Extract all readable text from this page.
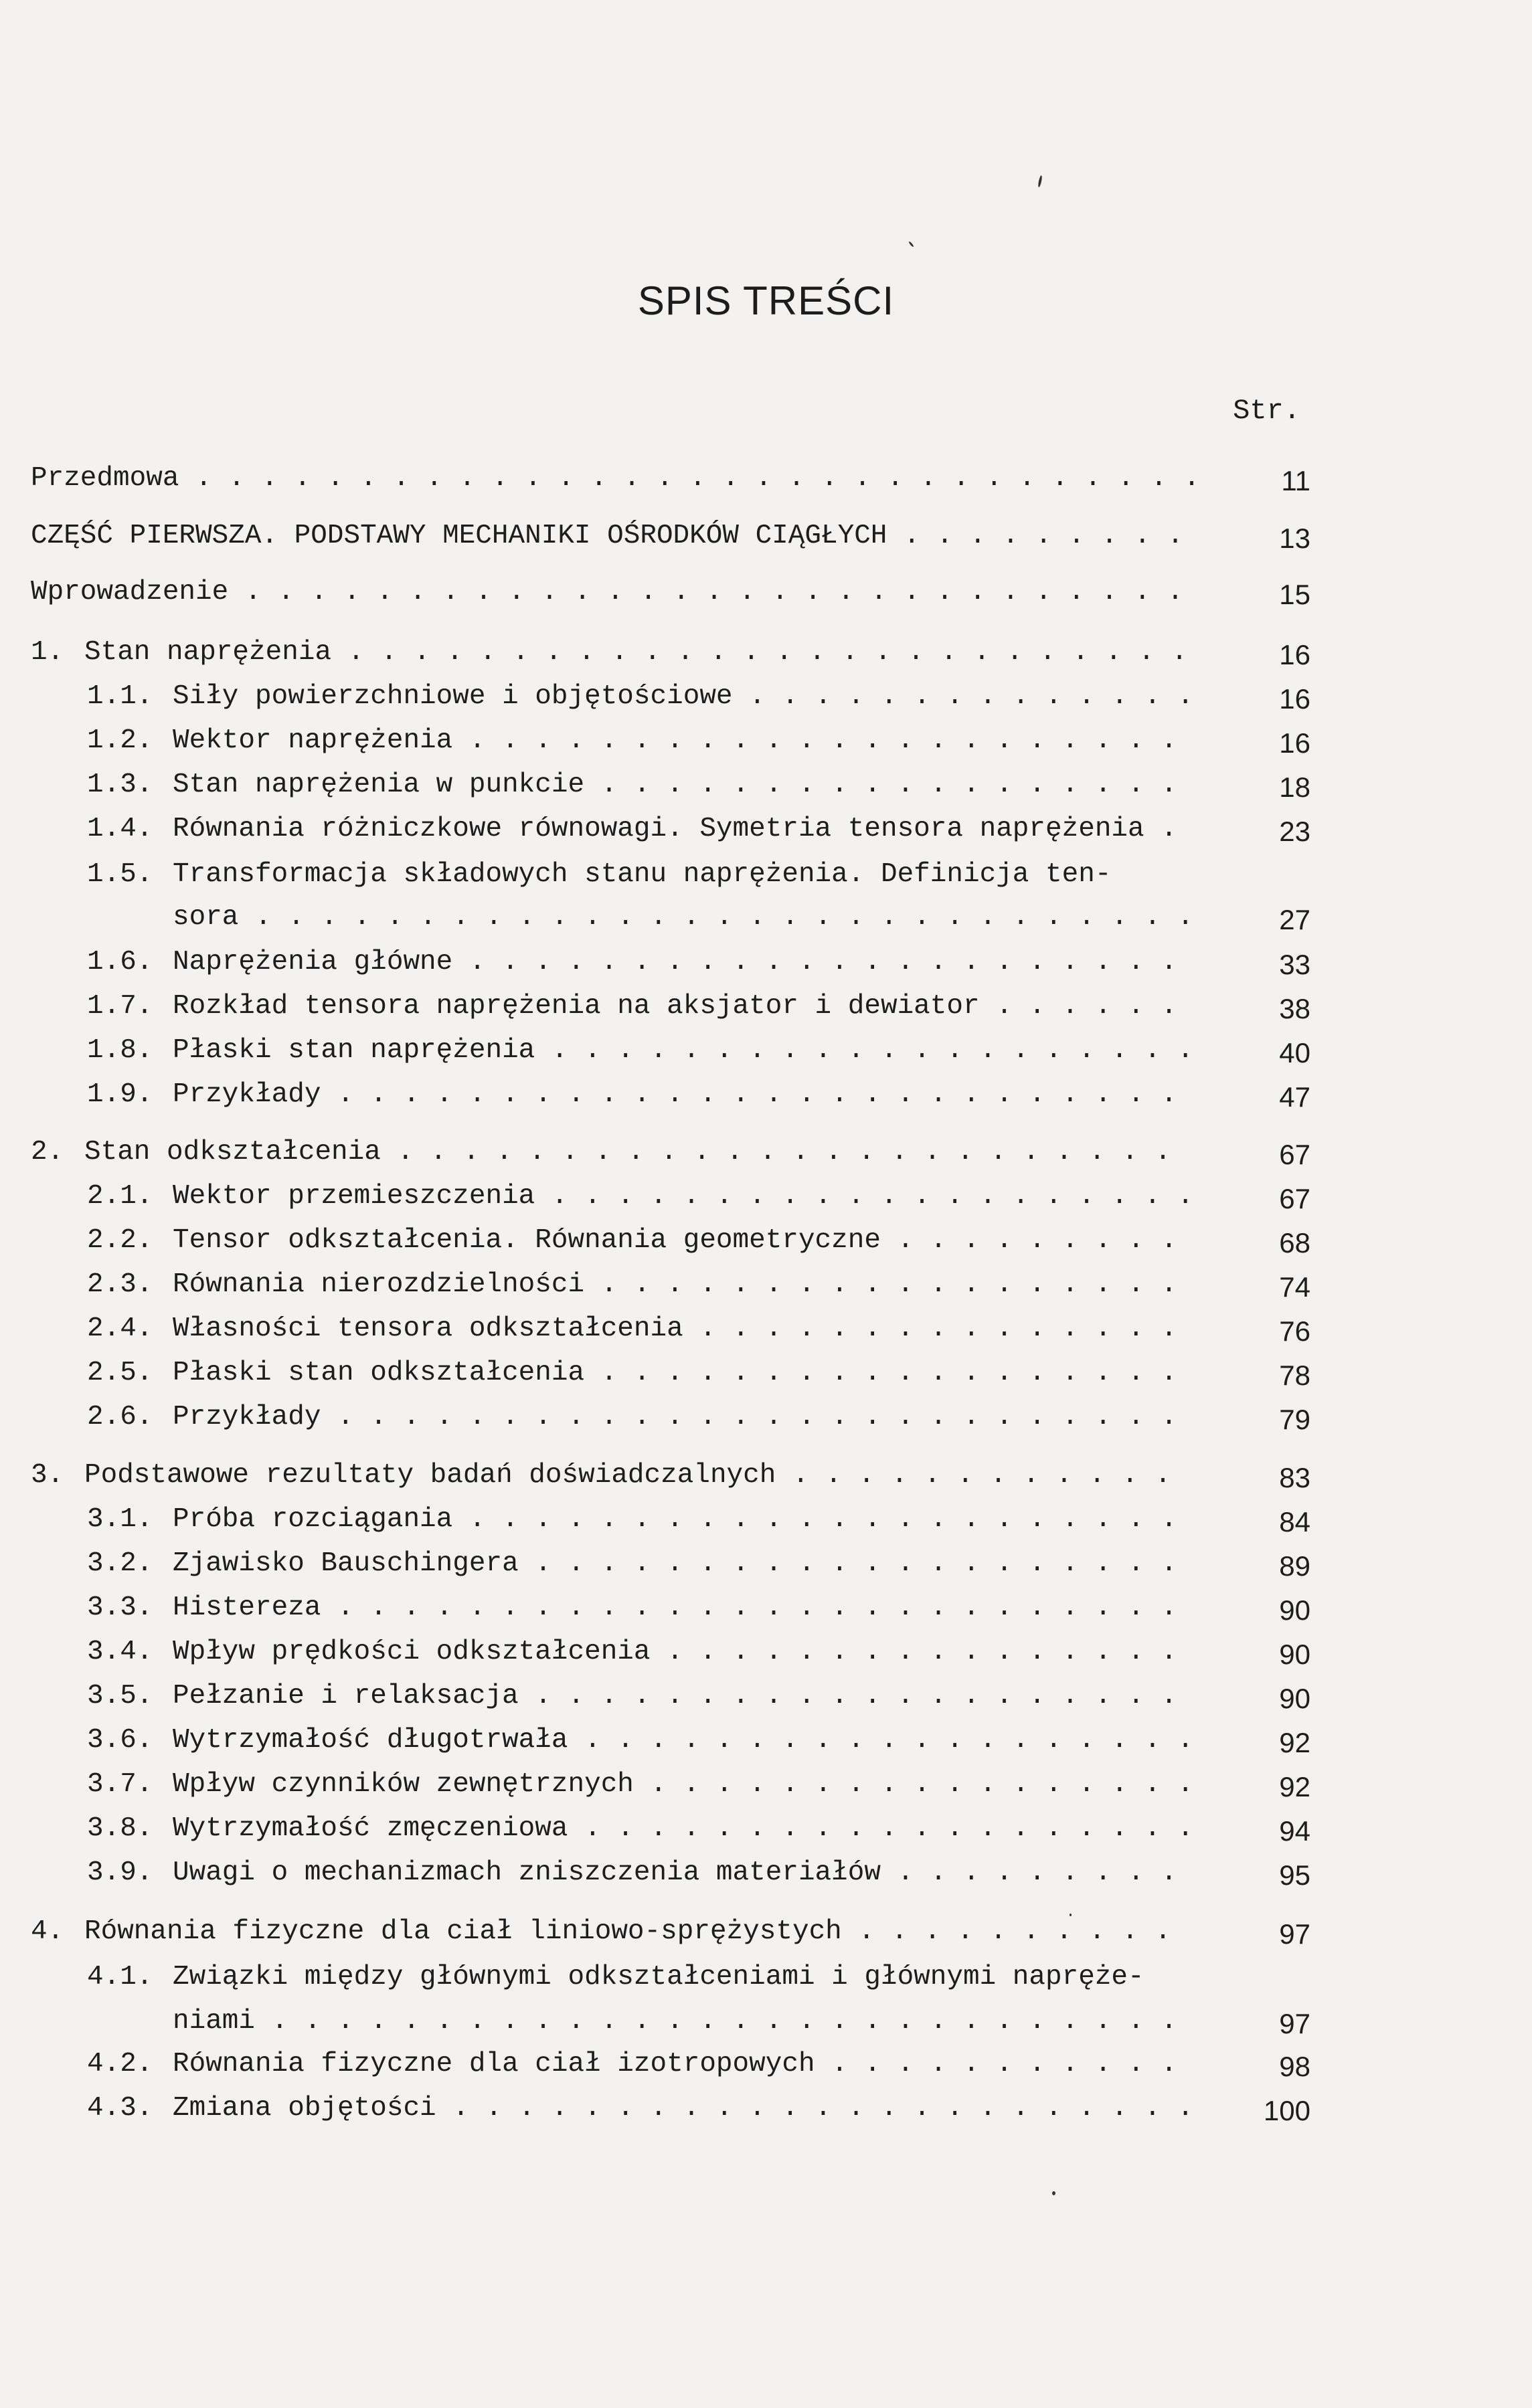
SPIS TREŚCI
Str.
Przedmowa . . . . . . . . . . . . . . . . . . . . . . . . . . . . . . .	11
CZĘŚĆ PIERWSZA. PODSTAWY MECHANIKI OŚRODKÓW CIĄGŁYCH . . . . . . . . .	13
Wprowadzenie . . . . . . . . . . . . . . . . . . . . . . . . . . . . .	15
1. Stan naprężenia . . . . . . . . . . . . . . . . . . . . . . . . . .	16
1.1. Siły powierzchniowe i objętościowe . . . . . . . . . . . . . .	16
1.2. Wektor naprężenia . . . . . . . . . . . . . . . . . . . . . .	16
1.3. Stan naprężenia w punkcie . . . . . . . . . . . . . . . . . .	18
1.4. Równania różniczkowe równowagi. Symetria tensora naprężenia .	23
1.5. Transformacja składowych stanu naprężenia. Definicja ten-
sora . . . . . . . . . . . . . . . . . . . . . . . . . . . . .	27
1.6. Naprężenia główne . . . . . . . . . . . . . . . . . . . . . .	33
1.7. Rozkład tensora naprężenia na aksjator i dewiator . . . . . .	38
1.8. Płaski stan naprężenia . . . . . . . . . . . . . . . . . . . .	40
1.9. Przykłady . . . . . . . . . . . . . . . . . . . . . . . . . .	47
2. Stan odkształcenia . . . . . . . . . . . . . . . . . . . . . . . .	67
2.1. Wektor przemieszczenia . . . . . . . . . . . . . . . . . . . .	67
2.2. Tensor odkształcenia. Równania geometryczne . . . . . . . . .	68
2.3. Równania nierozdzielności . . . . . . . . . . . . . . . . . .	74
2.4. Własności tensora odkształcenia . . . . . . . . . . . . . . .	76
2.5. Płaski stan odkształcenia . . . . . . . . . . . . . . . . . .	78
2.6. Przykłady . . . . . . . . . . . . . . . . . . . . . . . . . .	79
3. Podstawowe rezultaty badań doświadczalnych . . . . . . . . . . . .	83
3.1. Próba rozciągania . . . . . . . . . . . . . . . . . . . . . .	84
3.2. Zjawisko Bauschingera . . . . . . . . . . . . . . . . . . . .	89
3.3. Histereza . . . . . . . . . . . . . . . . . . . . . . . . . .	90
3.4. Wpływ prędkości odkształcenia . . . . . . . . . . . . . . . .	90
3.5. Pełzanie i relaksacja . . . . . . . . . . . . . . . . . . . .	90
3.6. Wytrzymałość długotrwała . . . . . . . . . . . . . . . . . . .	92
3.7. Wpływ czynników zewnętrznych . . . . . . . . . . . . . . . . .	92
3.8. Wytrzymałość zmęczeniowa . . . . . . . . . . . . . . . . . . .	94
3.9. Uwagi o mechanizmach zniszczenia materiałów . . . . . . . . .	95
4. Równania fizyczne dla ciał liniowo-sprężystych . . . . . . . . . .	97
4.1. Związki między głównymi odkształceniami i głównymi napręże-
niami . . . . . . . . . . . . . . . . . . . . . . . . . . . .	97
4.2. Równania fizyczne dla ciał izotropowych . . . . . . . . . . .	98
4.3. Zmiana objętości . . . . . . . . . . . . . . . . . . . . . . .	100
